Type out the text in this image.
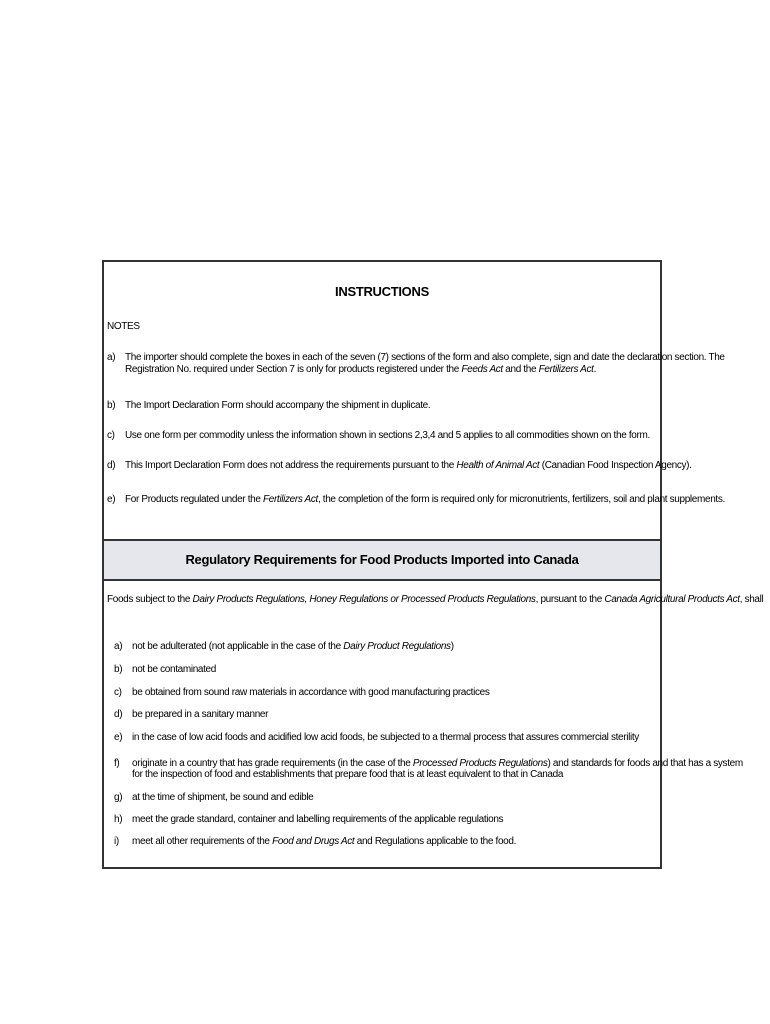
INSTRUCTIONS
NOTES
a) The importer should complete the boxes in each of the seven (7) sections of the form and also complete, sign and date the declaration section. The
Registration No. required under Section 7 is only for products registered under the Feeds Act and the Fertilizers Act.
b) The Import Declaration Form should accompany the shipment in duplicate.
c) Use one form per commodity unless the information shown in sections 2,3,4 and 5 applies to all commodities shown on the form.
d) This Import Declaration Form does not address the requirements pursuant to the Health of Animal Act (Canadian Food Inspection Agency).
e) For Products regulated under the Fertilizers Act, the completion of the form is required only for micronutrients, fertilizers, soil and plant supplements.
Regulatory Requirements for Food Products Imported into Canada
Foods subject to the Dairy Products Regulations, Honey Regulations or Processed Products Regulations, pursuant to the Canada Agricultural Products Act, shall
a) not be adulterated (not applicable in the case of the Dairy Product Regulations)
b) not be contaminated
c) be obtained from sound raw materials in accordance with good manufacturing practices
d) be prepared in a sanitary manner
e) in the case of low acid foods and acidified low acid foods, be subjected to a thermal process that assures commercial sterility
f) originate in a country that has grade requirements (in the case of the Processed Products Regulations) and standards for foods and that has a system
for the inspection of food and establishments that prepare food that is at least equivalent to that in Canada
g) at the time of shipment, be sound and edible
h) meet the grade standard, container and labelling requirements of the applicable regulations
i) meet all other requirements of the Food and Drugs Act and Regulations applicable to the food.
